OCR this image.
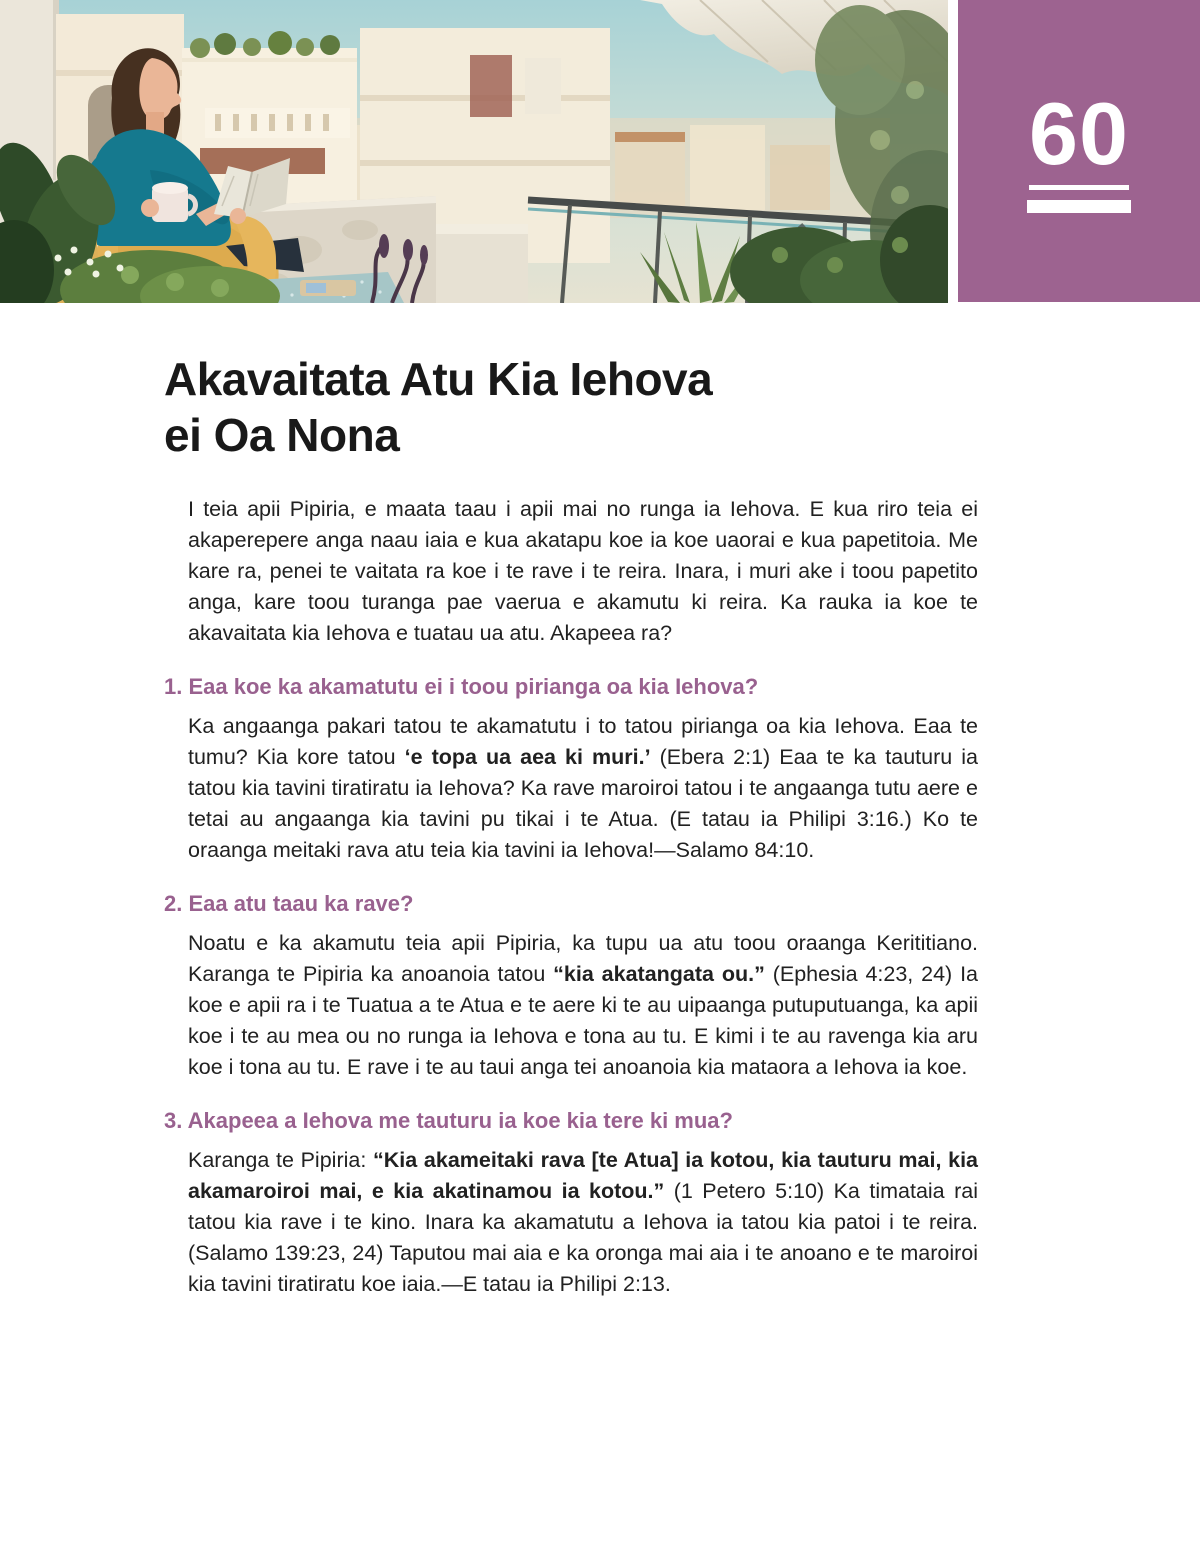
60
Akavaitata Atu Kia Iehova
ei Oa Nona

I teia apii Pipiria, e maata taau i apii mai no runga ia Iehova. E kua riro teia ei akaperepere anga naau iaia e kua akatapu koe ia koe uaorai e kua papetitoia. Me kare ra, penei te vaitata ra koe i te rave i te reira. Inara, i muri ake i toou papetito anga, kare toou turanga pae vaerua e akamutu ki reira. Ka rauka ia koe te akavaitata kia Iehova e tuatau ua atu. Akapeea ra?

1. Eaa koe ka akamatutu ei i toou pirianga oa kia Iehova?

Ka angaanga pakari tatou te akamatutu i to tatou pirianga oa kia Iehova. Eaa te tumu? Kia kore tatou ‘e topa ua aea ki muri.’ (Ebera 2:1) Eaa te ka tauturu ia tatou kia tavini tiratiratu ia Iehova? Ka rave maroiroi tatou i te angaanga tutu aere e tetai au angaanga kia tavini pu tikai i te Atua. (E tatau ia Philipi 3:16.) Ko te oraanga meitaki rava atu teia kia tavini ia Iehova!—Salamo 84:10.

2. Eaa atu taau ka rave?

Noatu e ka akamutu teia apii Pipiria, ka tupu ua atu toou oraanga Kerititiano. Karanga te Pipiria ka anoanoia tatou “kia akatangata ou.” (Ephesia 4:23, 24) Ia koe e apii ra i te Tuatua a te Atua e te aere ki te au uipaanga putuputuanga, ka apii koe i te au mea ou no runga ia Iehova e tona au tu. E kimi i te au ravenga kia aru koe i tona au tu. E rave i te au taui anga tei anoanoia kia mataora a Iehova ia koe.

3. Akapeea a Iehova me tauturu ia koe kia tere ki mua?

Karanga te Pipiria: “Kia akameitaki rava [te Atua] ia kotou, kia tauturu mai, kia akamaroiroi mai, e kia akatinamou ia kotou.” (1 Petero 5:10) Ka timataia rai tatou kia rave i te kino. Inara ka akamatutu a Iehova ia tatou kia patoi i te reira. (Salamo 139:23, 24) Taputou mai aia e ka oronga mai aia i te anoano e te maroiroi kia tavini tiratiratu koe iaia.—E tatau ia Philipi 2:13.
